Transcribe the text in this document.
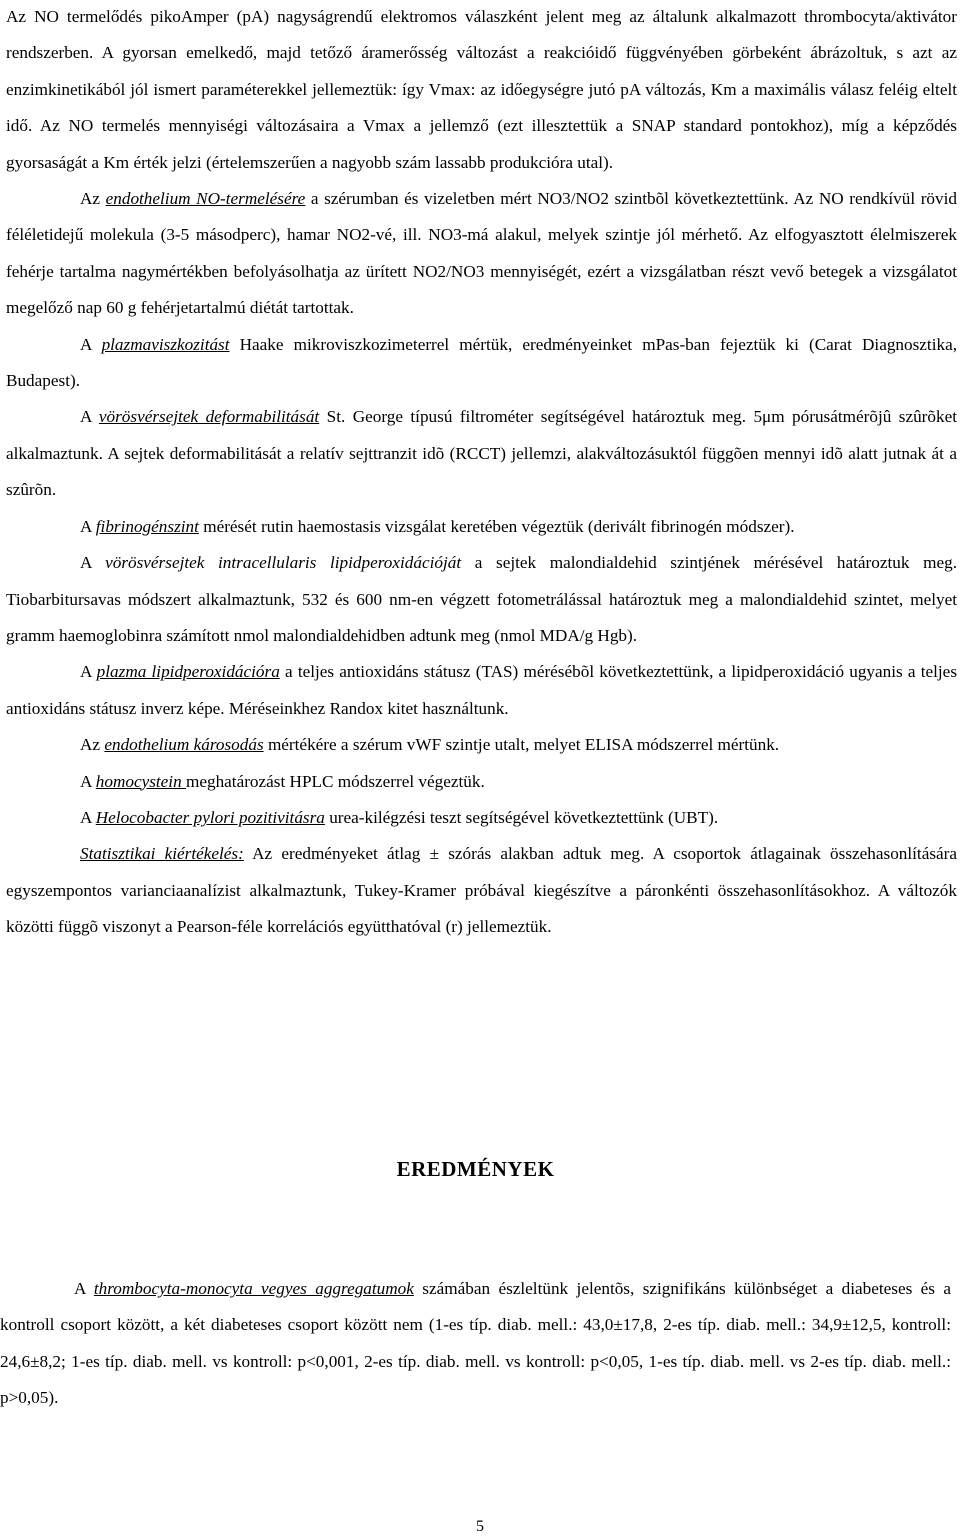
Az NO termelődés pikoAmper (pA) nagyságrendű elektromos válaszként jelent meg az általunk alkalmazott thrombocyta/aktivátor rendszerben. A gyorsan emelkedő, majd tetőző áramerősség változást a reakcióidő függvényében görbeként ábrázoltuk, s azt az enzimkinetikából jól ismert paraméterekkel jellemeztük: így Vmax: az időegységre jutó pA változás, Km a maximális válasz feléig eltelt idő. Az NO termelés mennyiségi változásaira a Vmax a jellemző (ezt illesztettük a SNAP standard pontokhoz), míg a képződés gyorsaságát a Km érték jelzi (értelemszerűen a nagyobb szám lassabb produkcióra utal).

Az endothelium NO-termelésére a szérumban és vizeletben mért NO3/NO2 szintbõl következtettünk. Az NO rendkívül rövid féléletidejű molekula (3-5 másodperc), hamar NO2-vé, ill. NO3-má alakul, melyek szintje jól mérhető. Az elfogyasztott élelmiszerek fehérje tartalma nagymértékben befolyásolhatja az ürített NO2/NO3 mennyiségét, ezért a vizsgálatban részt vevő betegek a vizsgálatot megelőző nap 60 g fehérjetartalmú diétát tartottak.

A plazmaviszkozitást Haake mikroviszkozimeterrel mértük, eredményeinket mPas-ban fejeztük ki (Carat Diagnosztika, Budapest).

A vörösvérsejtek deformabilitását St. George típusú filtrométer segítségével határoztuk meg. 5μm pórusátmérõjû szûrõket alkalmaztunk. A sejtek deformabilitását a relatív sejttranzit idõ (RCCT) jellemzi, alakváltozásuktól függõen mennyi idõ alatt jutnak át a szûrõn.

A fibrinogénszint mérését rutin haemostasis vizsgálat keretében végeztük (derivált fibrinogén módszer).

A vörösvérsejtek intracellularis lipidperoxidációját a sejtek malondialdehid szintjének mérésével határoztuk meg. Tiobarbitursavas módszert alkalmaztunk, 532 és 600 nm-en végzett fotometrálással határoztuk meg a malondialdehid szintet, melyet gramm haemoglobinra számított nmol malondialdehidben adtunk meg (nmol MDA/g Hgb).

A plazma lipidperoxidációra a teljes antioxidáns státusz (TAS) mérésébõl következtettünk, a lipidperoxidáció ugyanis a teljes antioxidáns státusz inverz képe. Méréseinkhez Randox kitet használtunk.

Az endothelium károsodás mértékére a szérum vWF szintje utalt, melyet ELISA módszerrel mértünk.

A homocystein meghatározást HPLC módszerrel végeztük.

A Helocobacter pylori pozitivitásra urea-kilégzési teszt segítségével következtettünk (UBT).

Statisztikai kiértékelés: Az eredményeket átlag ± szórás alakban adtuk meg. A csoportok átlagainak összehasonlítására egyszempontos varianciaanalízist alkalmaztunk, Tukey-Kramer próbával kiegészítve a páronkénti összehasonlításokhoz. A változók közötti függõ viszonyt a Pearson-féle korrelációs együtthatóval (r) jellemeztük.

EREDMÉNYEK

A thrombocyta-monocyta vegyes aggregatumok számában észleltünk jelentõs, szignifikáns különbséget a diabeteses és a kontroll csoport között, a két diabeteses csoport között nem (1-es típ. diab. mell.: 43,0±17,8, 2-es típ. diab. mell.: 34,9±12,5, kontroll: 24,6±8,2; 1-es típ. diab. mell. vs kontroll: p<0,001, 2-es típ. diab. mell. vs kontroll: p<0,05, 1-es típ. diab. mell. vs 2-es típ. diab. mell.: p>0,05).

5
